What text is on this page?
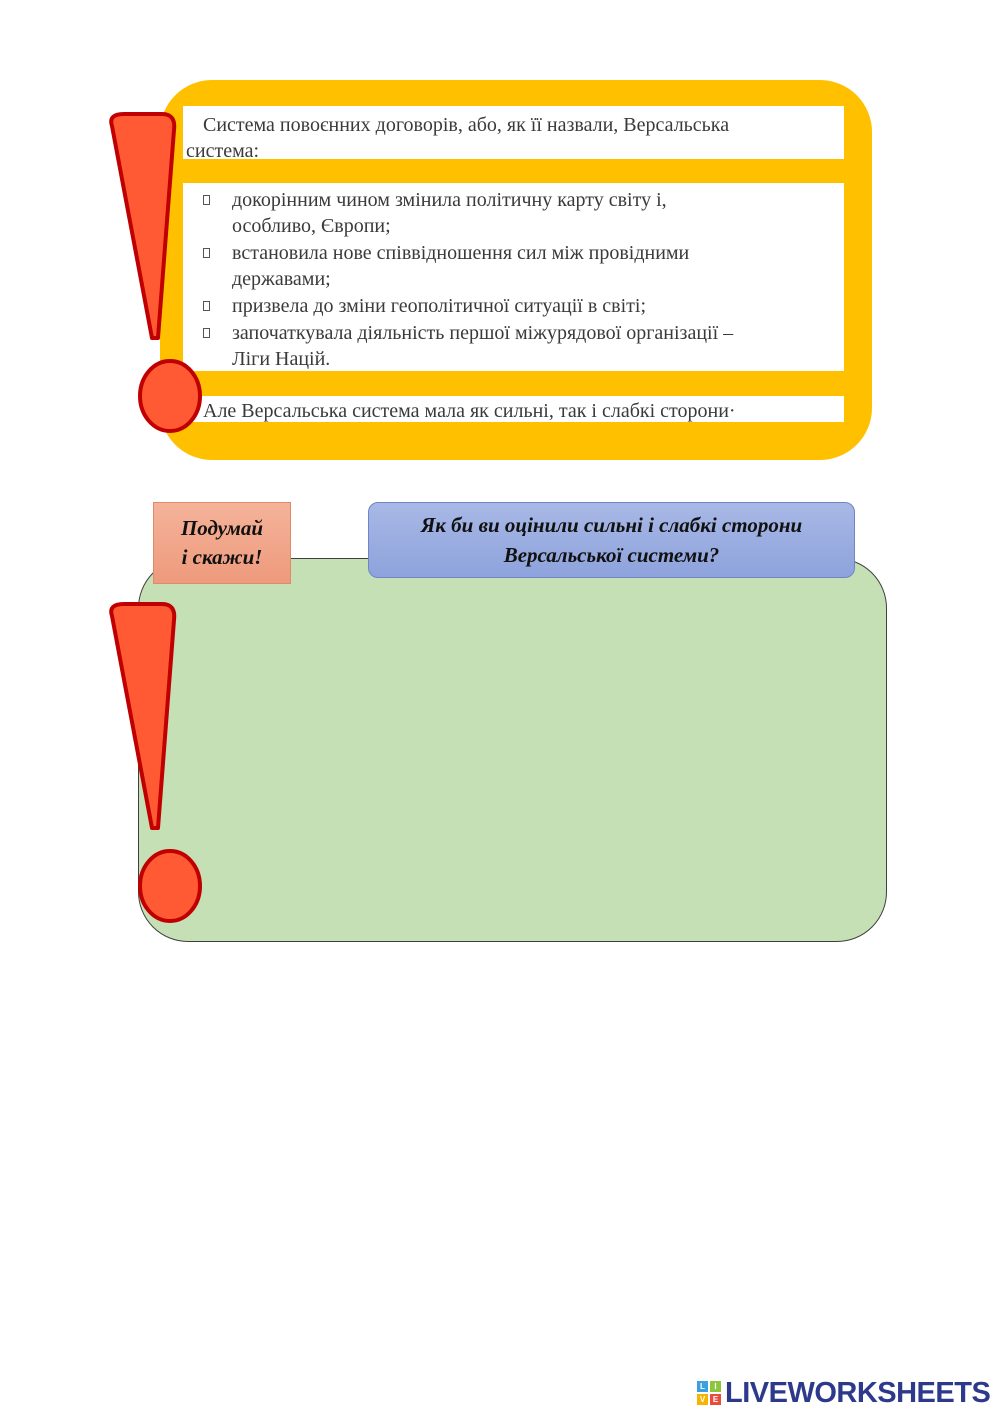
Система повоєнних договорів, або, як її назвали, Версальська
система:
докорінним чином змінила політичну карту світу і,
особливо, Європи;
встановила нове співвідношення сил між провідними
державами;
призвела до зміни геополітичної ситуації в світі;
започаткувала діяльність першої міжурядової організації –
Ліги Націй.
Але Версальська система мала як сильні, так і слабкі сторони·
Подумай
і скажи!
Як би ви оцінили сильні і слабкі сторони
Версальської системи?
L	I
V E LIVEWORKSHEETS
